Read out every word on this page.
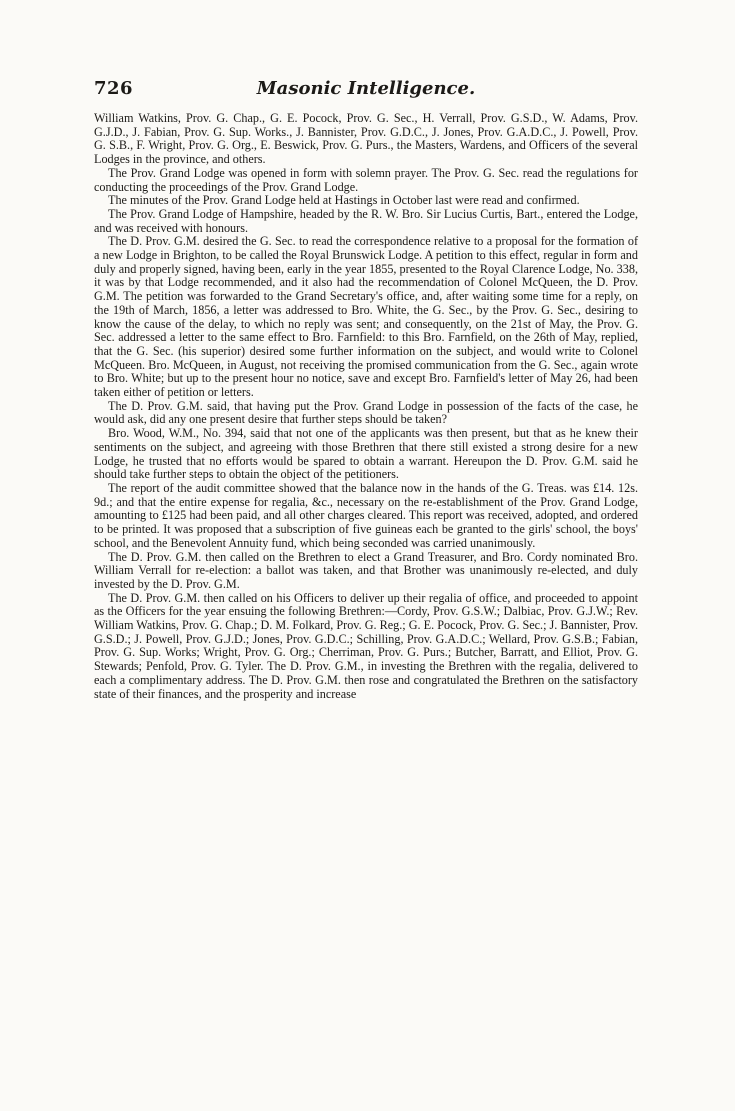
726	Masonic Intelligence.

William Watkins, Prov. G. Chap., G. E. Pocock, Prov. G. Sec., H. Verrall, Prov. G.S.D., W. Adams, Prov. G.J.D., J. Fabian, Prov. G. Sup. Works., J. Bannister, Prov. G.D.C., J. Jones, Prov. G.A.D.C., J. Powell, Prov. G. S.B., F. Wright, Prov. G. Org., E. Beswick, Prov. G. Purs., the Masters, Wardens, and Officers of the several Lodges in the province, and others.

The Prov. Grand Lodge was opened in form with solemn prayer. The Prov. G. Sec. read the regulations for conducting the proceedings of the Prov. Grand Lodge.

The minutes of the Prov. Grand Lodge held at Hastings in October last were read and confirmed.

The Prov. Grand Lodge of Hampshire, headed by the R. W. Bro. Sir Lucius Curtis, Bart., entered the Lodge, and was received with honours.

The D. Prov. G.M. desired the G. Sec. to read the correspondence relative to a proposal for the formation of a new Lodge in Brighton, to be called the Royal Brunswick Lodge. A petition to this effect, regular in form and duly and properly signed, having been, early in the year 1855, presented to the Royal Clarence Lodge, No. 338, it was by that Lodge recommended, and it also had the recommendation of Colonel McQueen, the D. Prov. G.M. The petition was forwarded to the Grand Secretary's office, and, after waiting some time for a reply, on the 19th of March, 1856, a letter was addressed to Bro. White, the G. Sec., by the Prov. G. Sec., desiring to know the cause of the delay, to which no reply was sent; and consequently, on the 21st of May, the Prov. G. Sec. addressed a letter to the same effect to Bro. Farnfield: to this Bro. Farnfield, on the 26th of May, replied, that the G. Sec. (his superior) desired some further information on the subject, and would write to Colonel McQueen. Bro. McQueen, in August, not receiving the promised communication from the G. Sec., again wrote to Bro. White; but up to the present hour no notice, save and except Bro. Farnfield's letter of May 26, had been taken either of petition or letters.

The D. Prov. G.M. said, that having put the Prov. Grand Lodge in possession of the facts of the case, he would ask, did any one present desire that further steps should be taken?

Bro. Wood, W.M., No. 394, said that not one of the applicants was then present, but that as he knew their sentiments on the subject, and agreeing with those Brethren that there still existed a strong desire for a new Lodge, he trusted that no efforts would be spared to obtain a warrant. Hereupon the D. Prov. G.M. said he should take further steps to obtain the object of the petitioners.

The report of the audit committee showed that the balance now in the hands of the G. Treas. was £14. 12s. 9d.; and that the entire expense for regalia, &c., necessary on the re-establishment of the Prov. Grand Lodge, amounting to £125 had been paid, and all other charges cleared. This report was received, adopted, and ordered to be printed. It was proposed that a subscription of five guineas each be granted to the girls' school, the boys' school, and the Benevolent Annuity fund, which being seconded was carried unanimously.

The D. Prov. G.M. then called on the Brethren to elect a Grand Treasurer, and Bro. Cordy nominated Bro. William Verrall for re-election: a ballot was taken, and that Brother was unanimously re-elected, and duly invested by the D. Prov. G.M.

The D. Prov. G.M. then called on his Officers to deliver up their regalia of office, and proceeded to appoint as the Officers for the year ensuing the following Brethren:—Cordy, Prov. G.S.W.; Dalbiac, Prov. G.J.W.; Rev. William Watkins, Prov. G. Chap.; D. M. Folkard, Prov. G. Reg.; G. E. Pocock, Prov. G. Sec.; J. Bannister, Prov. G.S.D.; J. Powell, Prov. G.J.D.; Jones, Prov. G.D.C.; Schilling, Prov. G.A.D.C.; Wellard, Prov. G.S.B.; Fabian, Prov. G. Sup. Works; Wright, Prov. G. Org.; Cherriman, Prov. G. Purs.; Butcher, Barratt, and Elliot, Prov. G. Stewards; Penfold, Prov. G. Tyler. The D. Prov. G.M., in investing the Brethren with the regalia, delivered to each a complimentary address. The D. Prov. G.M. then rose and congratulated the Brethren on the satisfactory state of their finances, and the prosperity and increase
